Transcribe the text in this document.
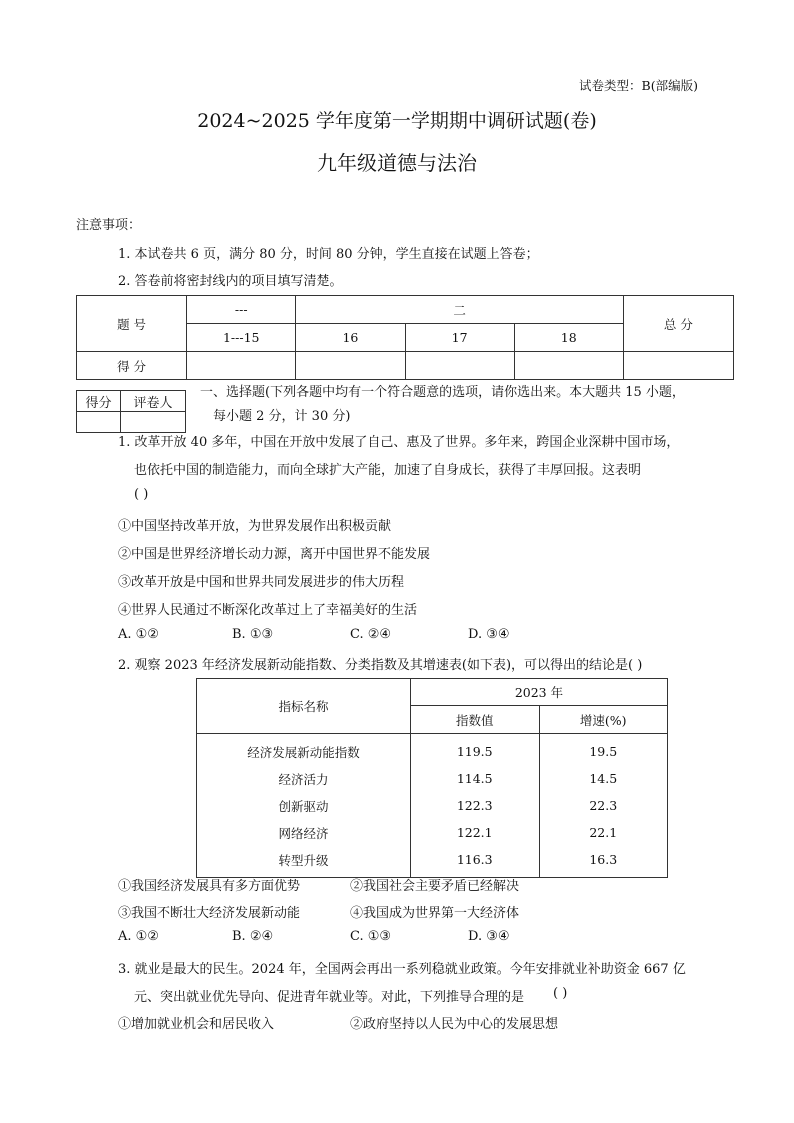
试卷类型：B(部编版)
2024~2025 学年度第一学期期中调研试题(卷)
九年级道德与法治
注意事项：
1. 本试卷共 6 页，满分 80 分，时间 80 分钟，学生直接在试题上答卷；
2. 答卷前将密封线内的项目填写清楚。
题 号	---	二			总 分
	1---15	16	17	18	
得 分					
得分	评卷人

一、选择题(下列各题中均有一个符合题意的选项，请你选出来。本大题共 15 小题，
每小题 2 分，计 30 分)
1. 改革开放 40 多年，中国在开放中发展了自己、惠及了世界。多年来，跨国企业深耕中国市场，
也依托中国的制造能力，而向全球扩大产能，加速了自身成长，获得了丰厚回报。这表明
( )
①中国坚持改革开放，为世界发展作出积极贡献
②中国是世界经济增长动力源，离开中国世界不能发展
③改革开放是中国和世界共同发展进步的伟大历程
④世界人民通过不断深化改革过上了幸福美好的生活
A. ①②	B. ①③	C. ②④	D. ③④
2. 观察 2023 年经济发展新动能指数、分类指数及其增速表(如下表)，可以得出的结论是( )
指标名称	2023 年	
	指数值	增速(%)
经济发展新动能指数	119.5	19.5
经济活力	114.5	14.5
创新驱动	122.3	22.3
网络经济	122.1	22.1
转型升级	116.3	16.3
①我国经济发展具有多方面优势	②我国社会主要矛盾已经解决
③我国不断壮大经济发展新动能	④我国成为世界第一大经济体
A. ①②	B. ②④	C. ①③	D. ③④
3. 就业是最大的民生。2024 年，全国两会再出一系列稳就业政策。今年安排就业补助资金 667 亿
元、突出就业优先导向、促进青年就业等。对此，下列推导合理的是 ( )
①增加就业机会和居民收入	②政府坚持以人民为中心的发展思想
